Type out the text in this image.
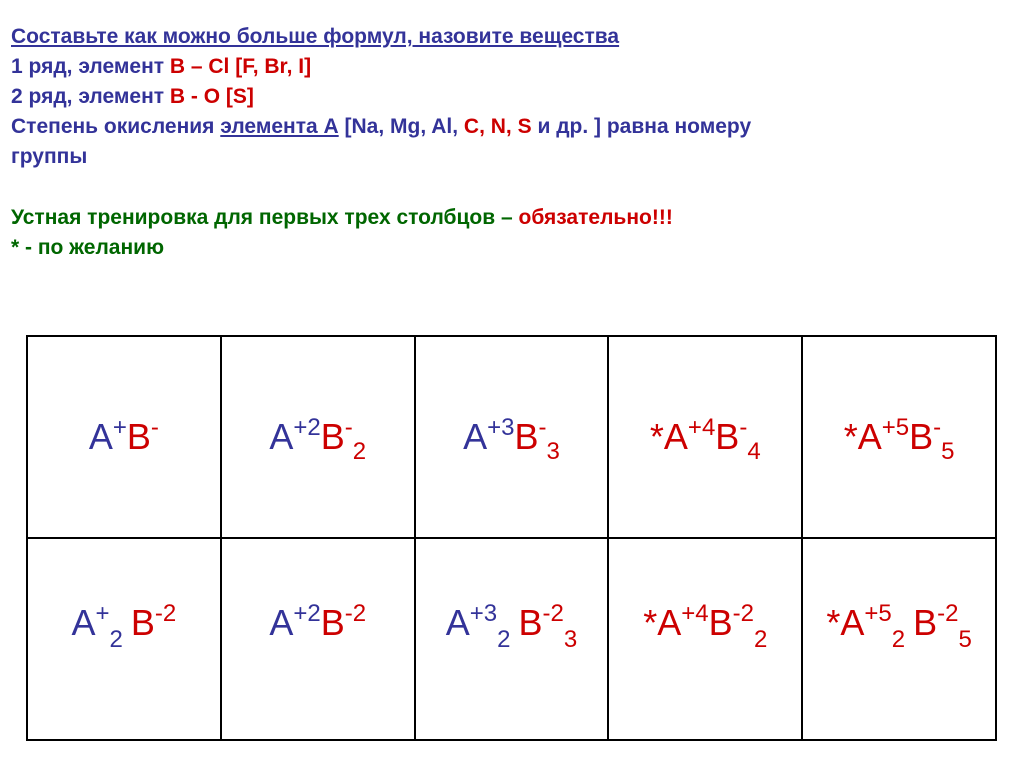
Составьте как можно больше формул, назовите вещества
1 ряд, элемент B – Cl [F, Br, I]
2 ряд, элемент B - O [S]
Степень окисления элемента А [Na, Mg, Al, C, N, S и др. ] равна номеру
группы
Устная тренировка для первых трех столбцов – обязательно!!!
* - по желанию
A+B-	$A^{+2}B^-_2$	$A^{+3}B^-_3$	$*A^{+4}B^-_4$	$*A^{+5}B^-_5$
$A^+_2$ $B^{-2}$	$A^{+2}B^{-2}$	$A^{+3}_2$ $B^{-2}_3$	$*A^{+4}B^{-2}_2$	$*A^{+5}_2$ $B^{-2}_5$
